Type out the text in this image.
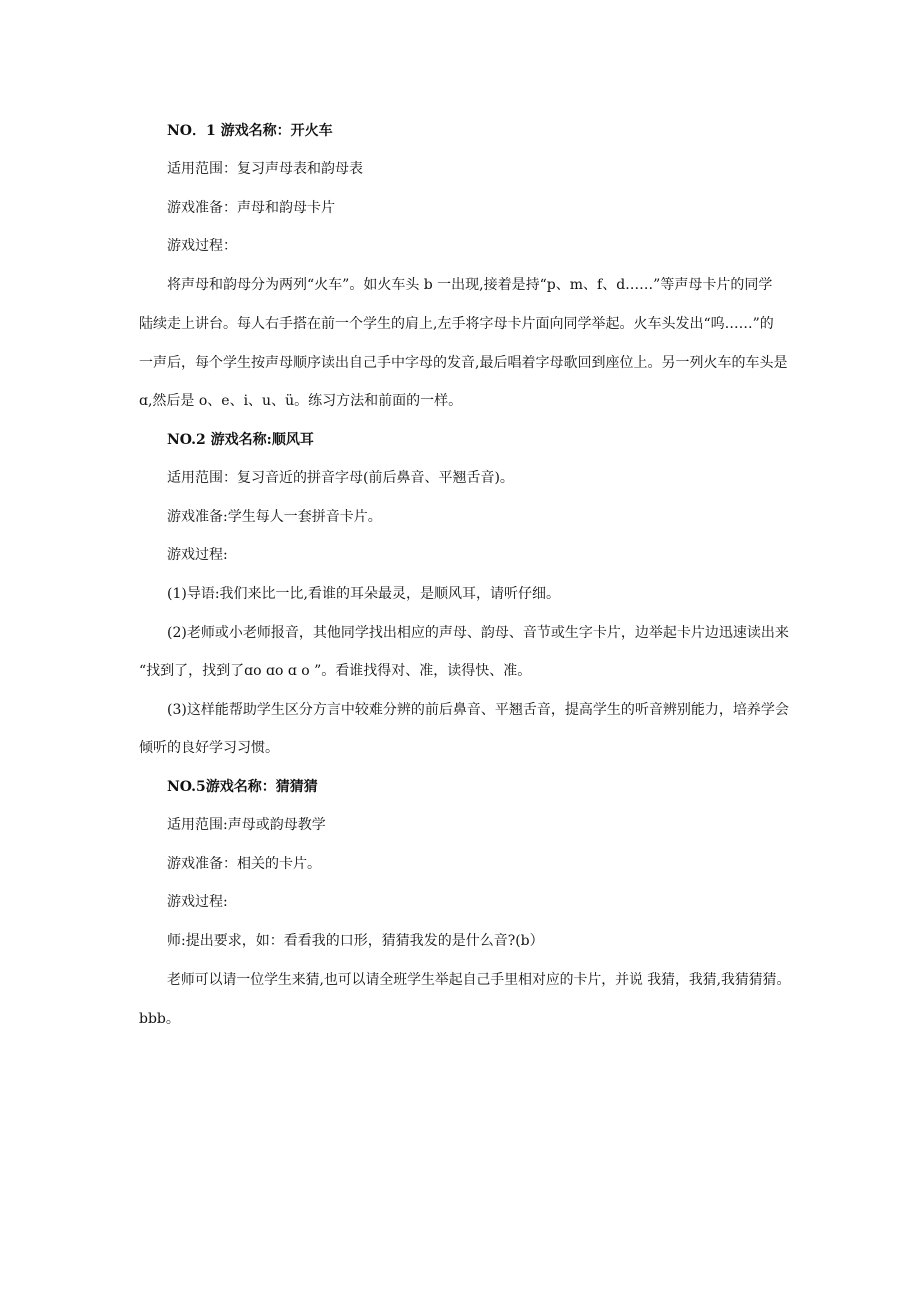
NO．1 游戏名称：开火车
适用范围：复习声母表和韵母表
游戏准备：声母和韵母卡片
游戏过程：
将声母和韵母分为两列“火车”。如火车头 b 一出现,接着是持“p、m、f、d……”等声母卡片的同学
陆续走上讲台。每人右手搭在前一个学生的肩上,左手将字母卡片面向同学举起。火车头发出“呜……”的
一声后，每个学生按声母顺序读出自己手中字母的发音,最后唱着字母歌回到座位上。另一列火车的车头是
ɑ,然后是 o、e、i、u、ü。练习方法和前面的一样。
NO.2 游戏名称:顺风耳
适用范围：复习音近的拼音字母(前后鼻音、平翘舌音)。
游戏准备:学生每人一套拼音卡片。
游戏过程:
(1)导语:我们来比一比,看谁的耳朵最灵，是顺风耳，请听仔细。
(2)老师或小老师报音，其他同学找出相应的声母、韵母、音节或生字卡片，边举起卡片边迅速读出来
“找到了，找到了ɑo ɑo ɑ o ”。看谁找得对、准，读得快、准。
(3)这样能帮助学生区分方言中较难分辨的前后鼻音、平翘舌音，提高学生的听音辨别能力，培养学会
倾听的良好学习习惯。
NO.5游戏名称：猜猜猜
适用范围:声母或韵母教学
游戏准备：相关的卡片。
游戏过程:
师:提出要求，如：看看我的口形，猜猜我发的是什么音?(b）
老师可以请一位学生来猜,也可以请全班学生举起自己手里相对应的卡片，并说 我猜，我猜,我猜猜猜。
bbb。
